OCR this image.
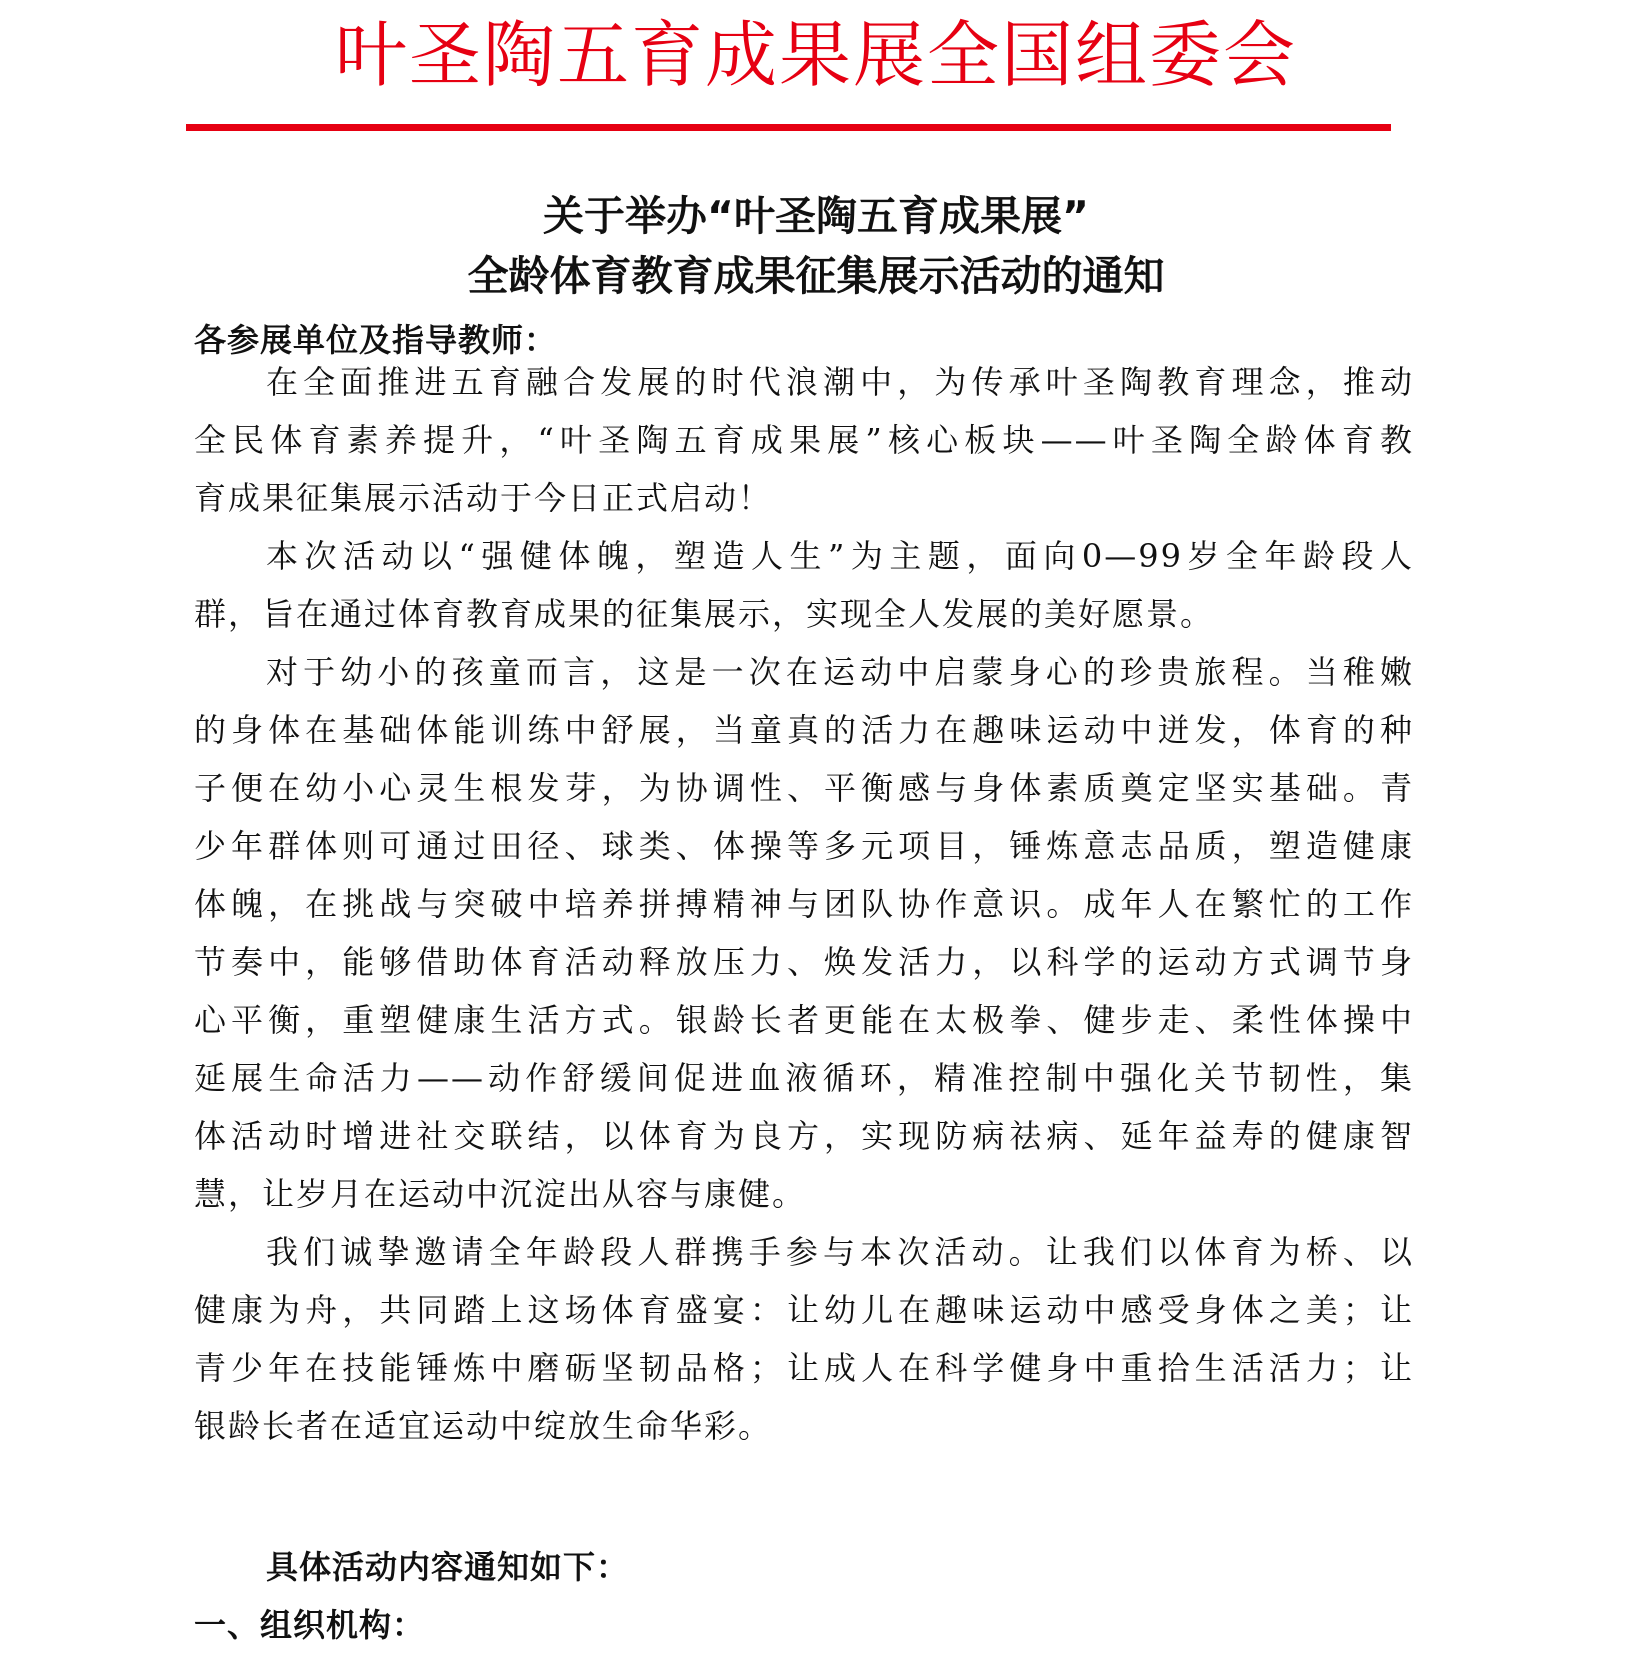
叶圣陶五育成果展全国组委会
关于举办“叶圣陶五育成果展”
全龄体育教育成果征集展示活动的通知
各参展单位及指导教师：
在全面推进五育融合发展的时代浪潮中，为传承叶圣陶教育理念，推动
全民体育素养提升，“叶圣陶五育成果展”核心板块——叶圣陶全龄体育教
育成果征集展示活动于今日正式启动！
本次活动以“强健体魄，塑造人生”为主题，面向0—99岁全年龄段人
群，旨在通过体育教育成果的征集展示，实现全人发展的美好愿景。
对于幼小的孩童而言，这是一次在运动中启蒙身心的珍贵旅程。当稚嫩
的身体在基础体能训练中舒展，当童真的活力在趣味运动中迸发，体育的种
子便在幼小心灵生根发芽，为协调性、平衡感与身体素质奠定坚实基础。青
少年群体则可通过田径、球类、体操等多元项目，锤炼意志品质，塑造健康
体魄，在挑战与突破中培养拼搏精神与团队协作意识。成年人在繁忙的工作
节奏中，能够借助体育活动释放压力、焕发活力，以科学的运动方式调节身
心平衡，重塑健康生活方式。银龄长者更能在太极拳、健步走、柔性体操中
延展生命活力——动作舒缓间促进血液循环，精准控制中强化关节韧性，集
体活动时增进社交联结，以体育为良方，实现防病祛病、延年益寿的健康智
慧，让岁月在运动中沉淀出从容与康健。
我们诚挚邀请全年龄段人群携手参与本次活动。让我们以体育为桥、以
健康为舟，共同踏上这场体育盛宴：让幼儿在趣味运动中感受身体之美；让
青少年在技能锤炼中磨砺坚韧品格；让成人在科学健身中重拾生活活力；让
银龄长者在适宜运动中绽放生命华彩。
具体活动内容通知如下：
一、组织机构：
